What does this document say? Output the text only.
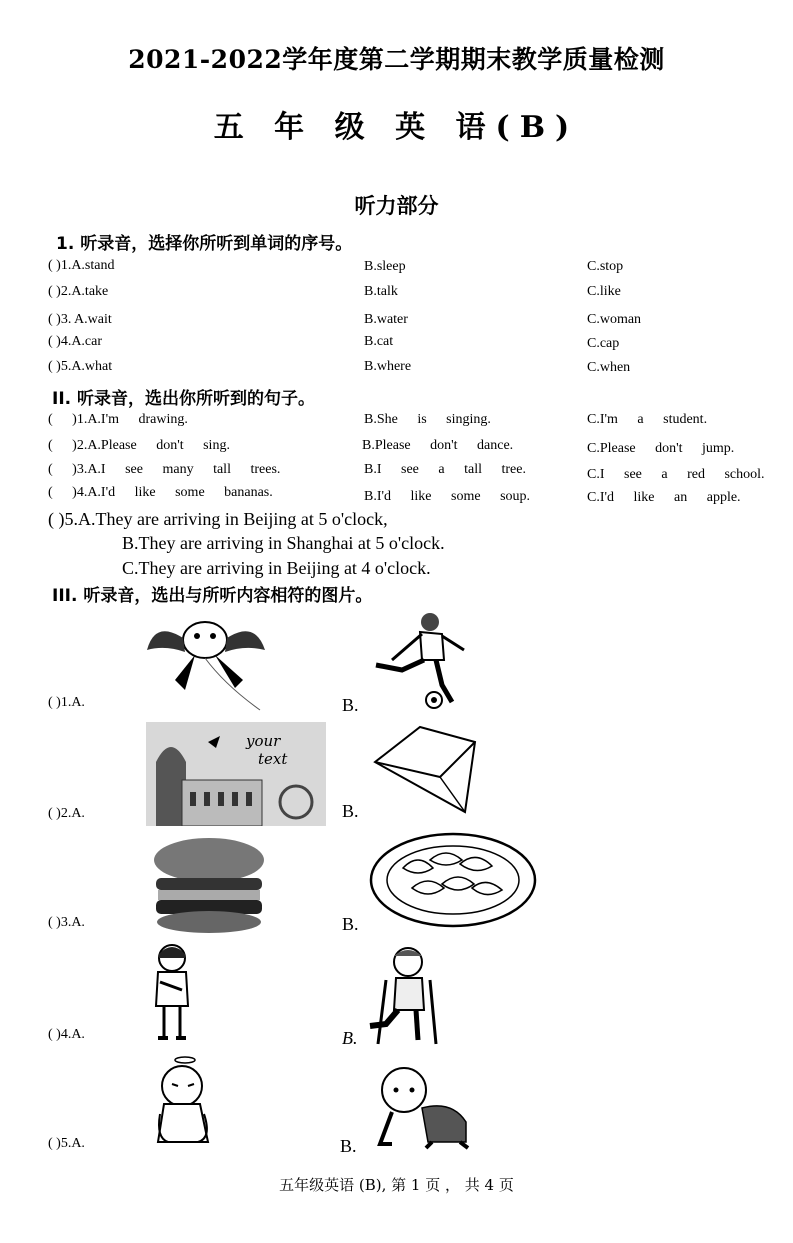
2021-2022学年度第二学期期末教学质量检测
五 年 级 英 语(B)
听力部分
1. 听录音，选择你所听到单词的序号。
( )1.A.stand	B.sleep	C.stop
( )2.A.take	B.talk	C.like
( )3. A.wait	B.water	C.woman
( )4.A.car	B.cat	C.cap
( )5.A.what	B.where	C.when
II. 听录音，选出你所听到的句子。
( )1.A.I'm drawing.	B.She is singing.	C.I'm a student.
( )2.A.Please don't sing.	B.Please don't dance.	C.Please don't jump.
( )3.A.I see many tall trees.	B.I see a tall tree.	C.I see a red school.
( )4.A.I'd like some bananas.	B.I'd like some soup.	C.I'd like an apple.
( )5.A.They are arriving in Beijing at 5 o'clock,
B.They are arriving in Shanghai at 5 o'clock.
C.They are arriving in Beijing at 4 o'clock.
III. 听录音，选出与所听内容相符的图片。
( )1.A.	B.
( )2.A.
your
text
B.
( )3.A.	B.
( )4.A.	B.
( )5.A.	B.
五年级英语 (B), 第 1 页 ， 共 4 页
